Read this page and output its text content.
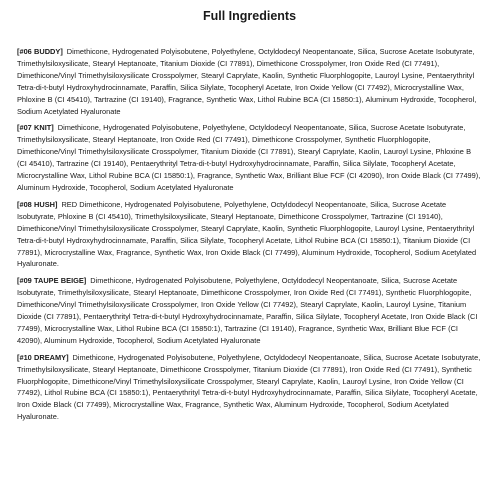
Full Ingredients

[#06 BUDDY] Dimethicone, Hydrogenated Polyisobutene, Polyethylene, Octyldodecyl Neopentanoate, Silica, Sucrose Acetate Isobutyrate, Trimethylsiloxysilicate, Stearyl Heptanoate, Titanium Dioxide (CI 77891), Dimethicone Crosspolymer, Iron Oxide Red (CI 77491), Dimethicone/Vinyl Trimethylsiloxysilicate Crosspolymer, Stearyl Caprylate, Kaolin, Synthetic Fluorphlogopite, Lauroyl Lysine, Pentaerythrityl Tetra-di-t-butyl Hydroxyhydrocinnamate, Paraffin, Silica Silylate, Tocopheryl Acetate, Iron Oxide Yellow (CI 77492), Microcrystalline Wax, Phloxine B (CI 45410), Tartrazine (CI 19140), Fragrance, Synthetic Wax, Lithol Rubine BCA (CI 15850:1), Aluminum Hydroxide, Tocopherol, Sodium Acetylated Hyaluronate

[#07 KNIT] Dimethicone, Hydrogenated Polyisobutene, Polyethylene, Octyldodecyl Neopentanoate, Silica, Sucrose Acetate Isobutyrate, Trimethylsiloxysilicate, Stearyl Heptanoate, Iron Oxide Red (CI 77491), Dimethicone Crosspolymer, Synthetic Fluorphlogopite, Dimethicone/Vinyl Trimethylsiloxysilicate Crosspolymer, Titanium Dioxide (CI 77891), Stearyl Caprylate, Kaolin, Lauroyl Lysine, Phloxine B (CI 45410), Tartrazine (CI 19140), Pentaerythrityl Tetra-di-t-butyl Hydroxyhydrocinnamate, Paraffin, Silica Silylate, Tocopheryl Acetate, Microcrystalline Wax, Lithol Rubine BCA (CI 15850:1), Fragrance, Synthetic Wax, Brilliant Blue FCF (CI 42090), Iron Oxide Black (CI 77499), Aluminum Hydroxide, Tocopherol, Sodium Acetylated Hyaluronate

[#08 HUSH] RED Dimethicone, Hydrogenated Polyisobutene, Polyethylene, Octyldodecyl Neopentanoate, Silica, Sucrose Acetate Isobutyrate, Phloxine B (CI 45410), Trimethylsiloxysilicate, Stearyl Heptanoate, Dimethicone Crosspolymer, Tartrazine (CI 19140), Dimethicone/Vinyl Trimethylsiloxysilicate Crosspolymer, Stearyl Caprylate, Kaolin, Synthetic Fluorphlogopite, Lauroyl Lysine, Pentaerythrityl Tetra-di-t-butyl Hydroxyhydrocinnamate, Paraffin, Silica Silylate, Tocopheryl Acetate, Lithol Rubine BCA (CI 15850:1), Titanium Dioxide (CI 77891), Microcrystalline Wax, Fragrance, Synthetic Wax, Iron Oxide Black (CI 77499), Aluminum Hydroxide, Tocopherol, Sodium Acetylated Hyaluronate.

[#09 TAUPE BEIGE] Dimethicone, Hydrogenated Polyisobutene, Polyethylene, Octyldodecyl Neopentanoate, Silica, Sucrose Acetate Isobutyrate, Trimethylsiloxysilicate, Stearyl Heptanoate, Dimethicone Crosspolymer, Iron Oxide Red (CI 77491), Synthetic Fluorphlogopite, Dimethicone/Vinyl Trimethylsiloxysilicate Crosspolymer, Iron Oxide Yellow (CI 77492), Stearyl Caprylate, Kaolin, Lauroyl Lysine, Titanium Dioxide (CI 77891), Pentaerythrityl Tetra-di-t-butyl Hydroxyhydrocinnamate, Paraffin, Silica Silylate, Tocopheryl Acetate, Iron Oxide Black (CI 77499), Microcrystalline Wax, Lithol Rubine BCA (CI 15850:1), Tartrazine (CI 19140), Fragrance, Synthetic Wax, Brilliant Blue FCF (CI 42090), Aluminum Hydroxide, Tocopherol, Sodium Acetylated Hyaluronate

[#10 DREAMY] Dimethicone, Hydrogenated Polyisobutene, Polyethylene, Octyldodecyl Neopentanoate, Silica, Sucrose Acetate Isobutyrate, Trimethylsiloxysilicate, Stearyl Heptanoate, Dimethicone Crosspolymer, Titanium Dioxide (CI 77891), Iron Oxide Red (CI 77491), Synthetic Fluorphlogopite, Dimethicone/Vinyl Trimethylsiloxysilicate Crosspolymer, Stearyl Caprylate, Kaolin, Lauroyl Lysine, Iron Oxide Yellow (CI 77492), Lithol Rubine BCA (CI 15850:1), Pentaerythrityl Tetra-di-t-butyl Hydroxyhydrocinnamate, Paraffin, Silica Silylate, Tocopheryl Acetate, Iron Oxide Black (CI 77499), Microcrystalline Wax, Fragrance, Synthetic Wax, Aluminum Hydroxide, Tocopherol, Sodium Acetylated Hyaluronate.
